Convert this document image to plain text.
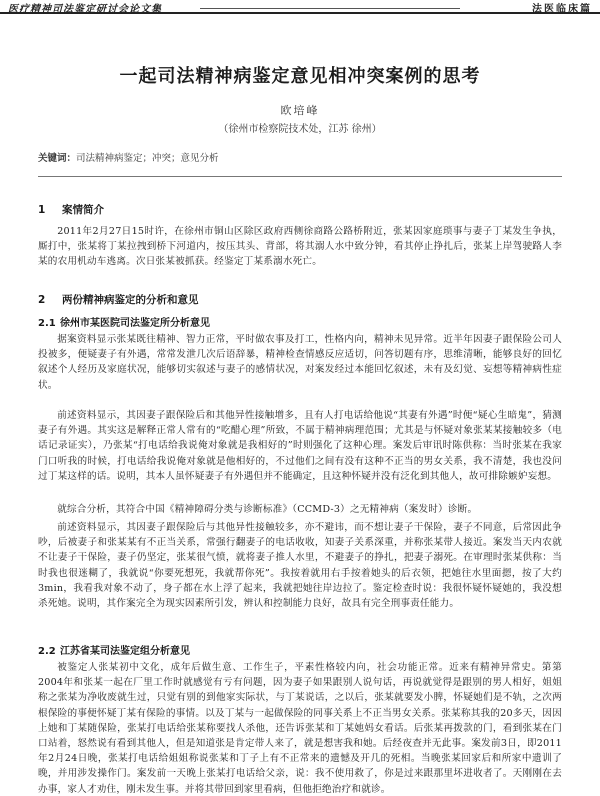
医疗精神司法鉴定研讨会论文集	法医临床篇
一起司法精神病鉴定意见相冲突案例的思考
欧培峰
（徐州市检察院技术处，江苏 徐州）
关键词：司法精神病鉴定；冲突；意见分析
1 案情简介

2011年2月27日15时许，在徐州市铜山区除区政府西侧徐商路公路桥附近，张某因家庭琐事与妻子丁某发生争执，厮打中，张某将丁某拉拽到桥下河道内，按压其头、背部，将其溺人水中致分钟，看其停止挣扎后，张某上岸驾驶路人李某的农用机动车逃离。次日张某被抓获。经鉴定丁某系溺水死亡。

2 两份精神病鉴定的分析和意见
2.1 徐州市某医院司法鉴定所分析意见

据案资料显示张某既往精神、智力正常，平时做农事及打工，性格内向，精神未见异常。近半年因妻子跟保险公司人投被多，便疑妻子有外遇，常常发泄几次后语辞暴，精神检查情感反应适切，问答切题有序，思维清晰，能够良好的回忆叙述个人经历及家庭状况，能够切实叙述与妻子的感情状况，对案发经过本能回忆叙述，未有及幻觉、妄想等精神病性症状。

前述资料显示，其因妻子跟保险后和其他异性接触增多，且有人打电话给他说“其妻有外遇”时便“疑心生暗鬼”，猜测妻子有外遇。其实这是解释正常人常有的“吃醋心理”所致，不属于精神病理范围；尤其是与怀疑对象张某某接触较多（电话记录证实），乃张某“打电话给我说俺对象就是我相好的”时则强化了这种心理。案发后审讯时陈供称：当时张某在我家门口听我的时候，打电话给我说俺对象就是他相好的，不过他们之间有没有这种不正当的男女关系，我不清楚，我也没问过丁某这样的话。说明，其本人虽怀疑妻子有外遇但并不能确定，且这种怀疑并没有泛化到其他人，故可排除嫉妒妄想。

就综合分析，其符合中国《精神障碍分类与诊断标准》（CCMD-3）之无精神病（案发时）诊断。

前述资料显示，其因妻子跟保险后与其他异性接触较多，亦不避讳，而不想让妻子干保险，妻子不同意，后常因此争吵，后被妻子和张某某有不正当关系，常强行翻妻子的电话收收，知妻子关系深重，并称张某带人接近。案发当天内农就不让妻子干保险，妻子仍坚定，张某很气愤，就将妻子推人水里，不避妻子的挣扎，把妻子溺死。在审理时张某供称：当时我也很迷糊了，我就说“你要死想死，我就帮你死”。我按着就用右手按着她头的后衣领，把她往水里面摁，按了大约3min，我看我对象不动了，身子都在水上浮了起来，我就把她往岸边拉了。鉴定检查时说：我很怀疑怀疑她的，我没想杀死她。说明，其作案完全为现实因素所引发，辨认和控制能力良好，故具有完全刑事责任能力。

2.2 江苏省某司法鉴定组分析意见

被鉴定人张某初中文化，成年后做生意、工作生子，平素性格较内向，社会功能正常。近来有精神异常史。第第2004年和张某一起在厂里工作时就感觉有亏有问题，因为妻子如果跟别人说句话，再说就觉得是跟别的男人相好，姐姐称之张某为净收废就生过，只觉有别的到他家实际状，与丁某说话，之以后，张某就要发小脾，怀疑她们是不轨，之次两根保险的事便怀疑丁某有保险的事情。以及丁某与一起做保险的同事关系上不正当男女关系。张某称其我的20多天，因因上她和丁某随保险，张某打电话给张某称要找人杀他，还告诉张某和丁某她妈女看话。后张某再拨款的门，看到张某在门口站着，怒然说有看到其他人，但是知道张是肯定带人来了，就是想害我和她。后经夜查并无此事。案发前3日，即2011年2月24日晚，张某打电话给姐姐称说张某和丁子上有不正常来的遗憾及开几的死相。当晚张某回家后和所家中遗训了晚，并用涉发操作门。案发前一天晚上张某打电话给父亲，说：我不使用救了，你是过来跟那里坏进收者了。天刚刚在去办事，家人才劝住，刚未发生事。并将其带回到家里看病，但他拒绝治疗和就诊。
